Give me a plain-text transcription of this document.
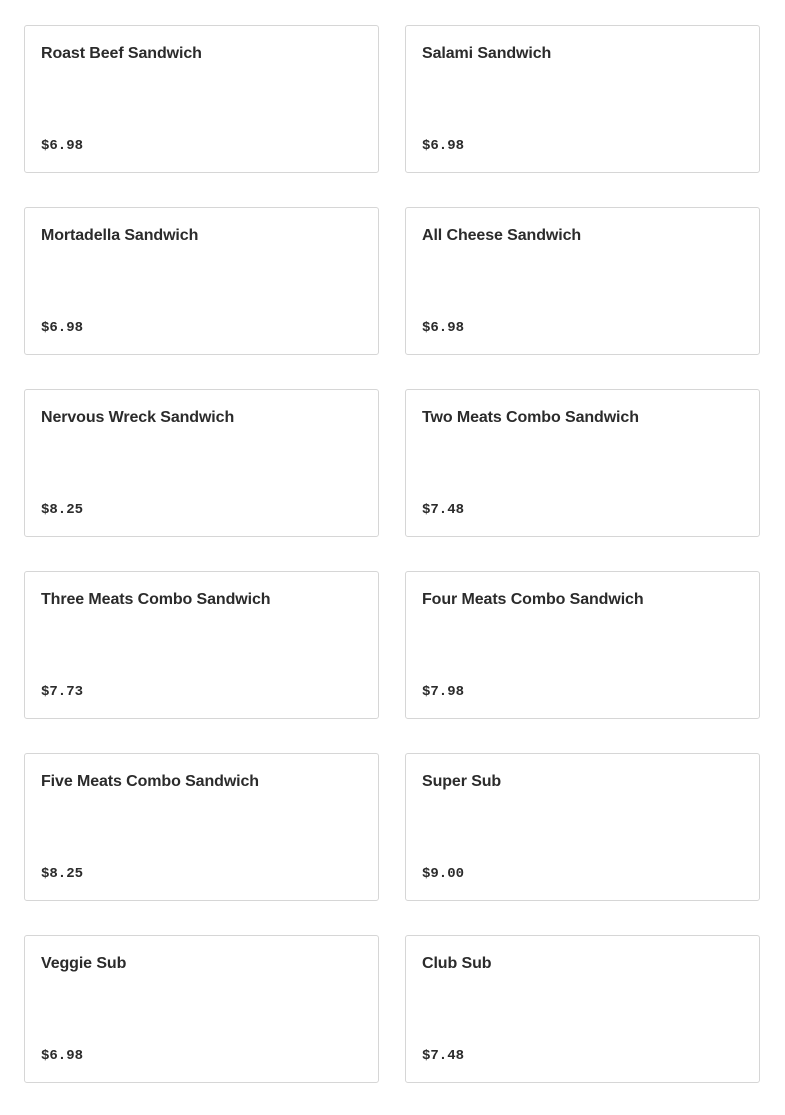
Roast Beef Sandwich
$6.98
Salami Sandwich
$6.98
Mortadella Sandwich
$6.98
All Cheese Sandwich
$6.98
Nervous Wreck Sandwich
$8.25
Two Meats Combo Sandwich
$7.48
Three Meats Combo Sandwich
$7.73
Four Meats Combo Sandwich
$7.98
Five Meats Combo Sandwich
$8.25
Super Sub
$9.00
Veggie Sub
$6.98
Club Sub
$7.48
